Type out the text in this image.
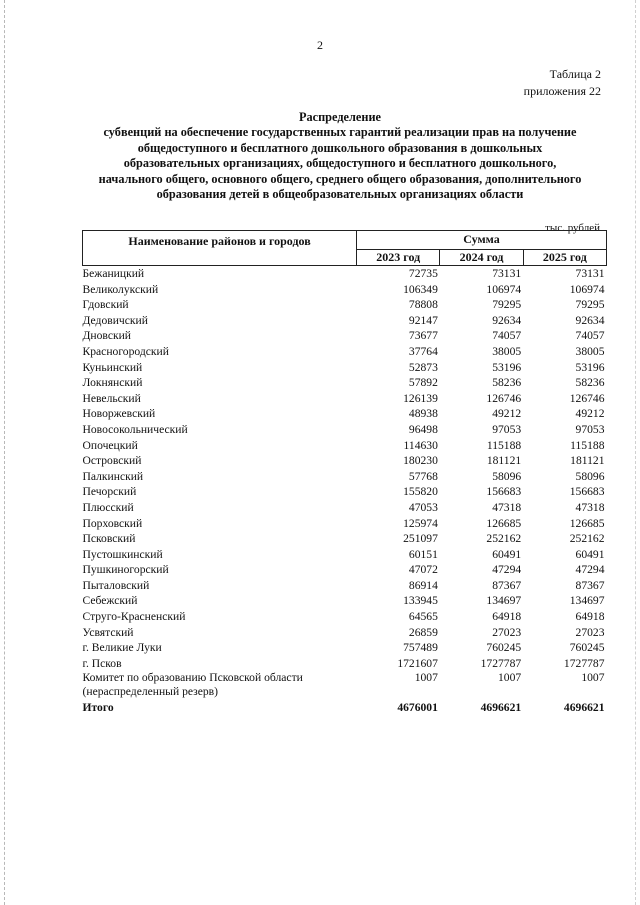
2
Таблица 2
приложения 22
Распределение
субвенций на обеспечение государственных гарантий реализации прав на получение
общедоступного и бесплатного дошкольного образования в дошкольных
образовательных организациях, общедоступного и бесплатного дошкольного,
начального общего, основного общего, среднего общего образования, дополнительного
образования детей в общеобразовательных организациях области
тыс. рублей
Наименование районов и городов	Сумма		
	2023 год	2024 год	2025 год
Бежаницкий	72735	73131	73131
Великолукский	106349	106974	106974
Гдовский	78808	79295	79295
Дедовичский	92147	92634	92634
Дновский	73677	74057	74057
Красногородский	37764	38005	38005
Куньинский	52873	53196	53196
Локнянский	57892	58236	58236
Невельский	126139	126746	126746
Новоржевский	48938	49212	49212
Новосокольнический	96498	97053	97053
Опочецкий	114630	115188	115188
Островский	180230	181121	181121
Палкинский	57768	58096	58096
Печорский	155820	156683	156683
Плюсский	47053	47318	47318
Порховский	125974	126685	126685
Псковский	251097	252162	252162
Пустошкинский	60151	60491	60491
Пушкиногорский	47072	47294	47294
Пыталовский	86914	87367	87367
Себежский	133945	134697	134697
Струго-Красненский	64565	64918	64918
Усвятский	26859	27023	27023
г. Великие Луки	757489	760245	760245
г. Псков	1721607	1727787	1727787

Комитет по образованию Псковской области
(нераспределенный резерв)	1007	1007	1007
Итого	4676001	4696621	4696621
